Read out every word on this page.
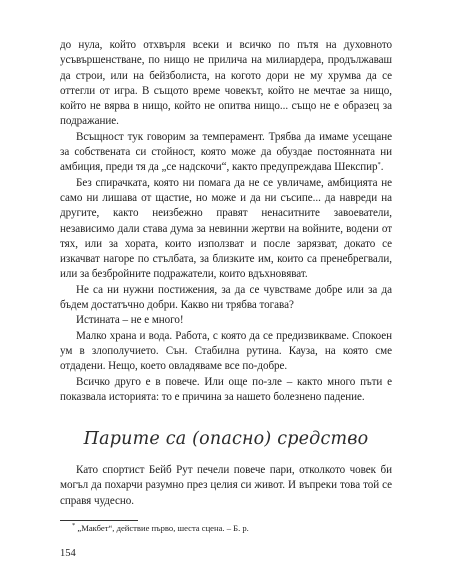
до нула, който отхвърля всеки и всичко по пътя на духовното усъвършенстване, по нищо не прилича на милиардера, продължаваш да строи, или на бейзболиста, на когото дори не му хрумва да се оттегли от игра. В същото време човекът, който не мечтае за нищо, който не вярва в нищо, който не опитва нищо... също не е образец за подражание.

Всъщност тук говорим за темперамент. Трябва да имаме усещане за собствената си стойност, която може да обуздае постоянната ни амбиция, преди тя да „се надскочи“, както предупреждава Шекспир*.

Без спирачката, която ни помага да не се увличаме, амбицията не само ни лишава от щастие, но може и да ни съсипе... да навреди на другите, както неизбежно правят ненаситните завоеватели, независимо дали става дума за невинни жертви на войните, водени от тях, или за хората, които използват и после зарязват, докато се изкачват нагоре по стълбата, за близките им, които са пренебрегвали, или за безбройните подражатели, които вдъхновяват.

Не са ни нужни постижения, за да се чувстваме добре или за да бъдем достатъчно добри. Какво ни трябва тогава?

Истината – не е много!

Малко храна и вода. Работа, с която да се предизвикваме. Спокоен ум в злополучието. Сън. Стабилна рутина. Кауза, на която сме отдадени. Нещо, което овладяваме все по-добре.

Всичко друго е в повече. Или още по-зле – както много пъти е показвала историята: то е причина за нашето болезнено падение.

Парите са (опасно) средство

Като спортист Бейб Рут печели повече пари, отколкото човек би могъл да похарчи разумно през целия си живот. И въпреки това той се справя чудесно.

* „Макбет“, действие първо, шеста сцена. – Б. р.

154
